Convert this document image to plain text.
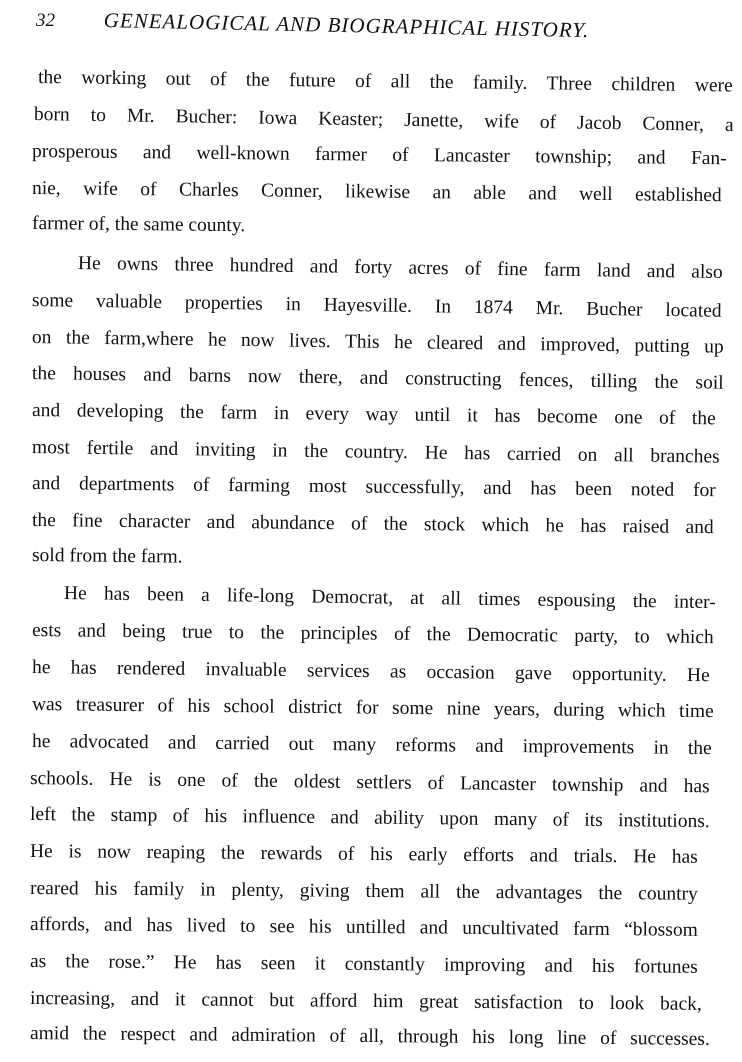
32 GENEALOGICAL AND BIOGRAPHICAL HISTORY.
the working out of the future of all the family. Three children were
born to Mr. Bucher: Iowa Keaster; Janette, wife of Jacob Conner, a
prosperous and well-known farmer of Lancaster township; and Fan-
nie, wife of Charles Conner, likewise an able and well established
farmer of, the same county.
He owns three hundred and forty acres of fine farm land and also
some valuable properties in Hayesville. In 1874 Mr. Bucher located
on the farm,where he now lives. This he cleared and improved, putting up
the houses and barns now there, and constructing fences, tilling the soil
and developing the farm in every way until it has become one of the
most fertile and inviting in the country. He has carried on all branches
and departments of farming most successfully, and has been noted for
the fine character and abundance of the stock which he has raised and
sold from the farm.
He has been a life-long Democrat, at all times espousing the inter-
ests and being true to the principles of the Democratic party, to which
he has rendered invaluable services as occasion gave opportunity. He
was treasurer of his school district for some nine years, during which time
he advocated and carried out many reforms and improvements in the
schools. He is one of the oldest settlers of Lancaster township and has
left the stamp of his influence and ability upon many of its institutions.
He is now reaping the rewards of his early efforts and trials. He has
reared his family in plenty, giving them all the advantages the country
affords, and has lived to see his untilled and uncultivated farm “blossom
as the rose.” He has seen it constantly improving and his fortunes
increasing, and it cannot but afford him great satisfaction to look back,
amid the respect and admiration of all, through his long line of successes.
